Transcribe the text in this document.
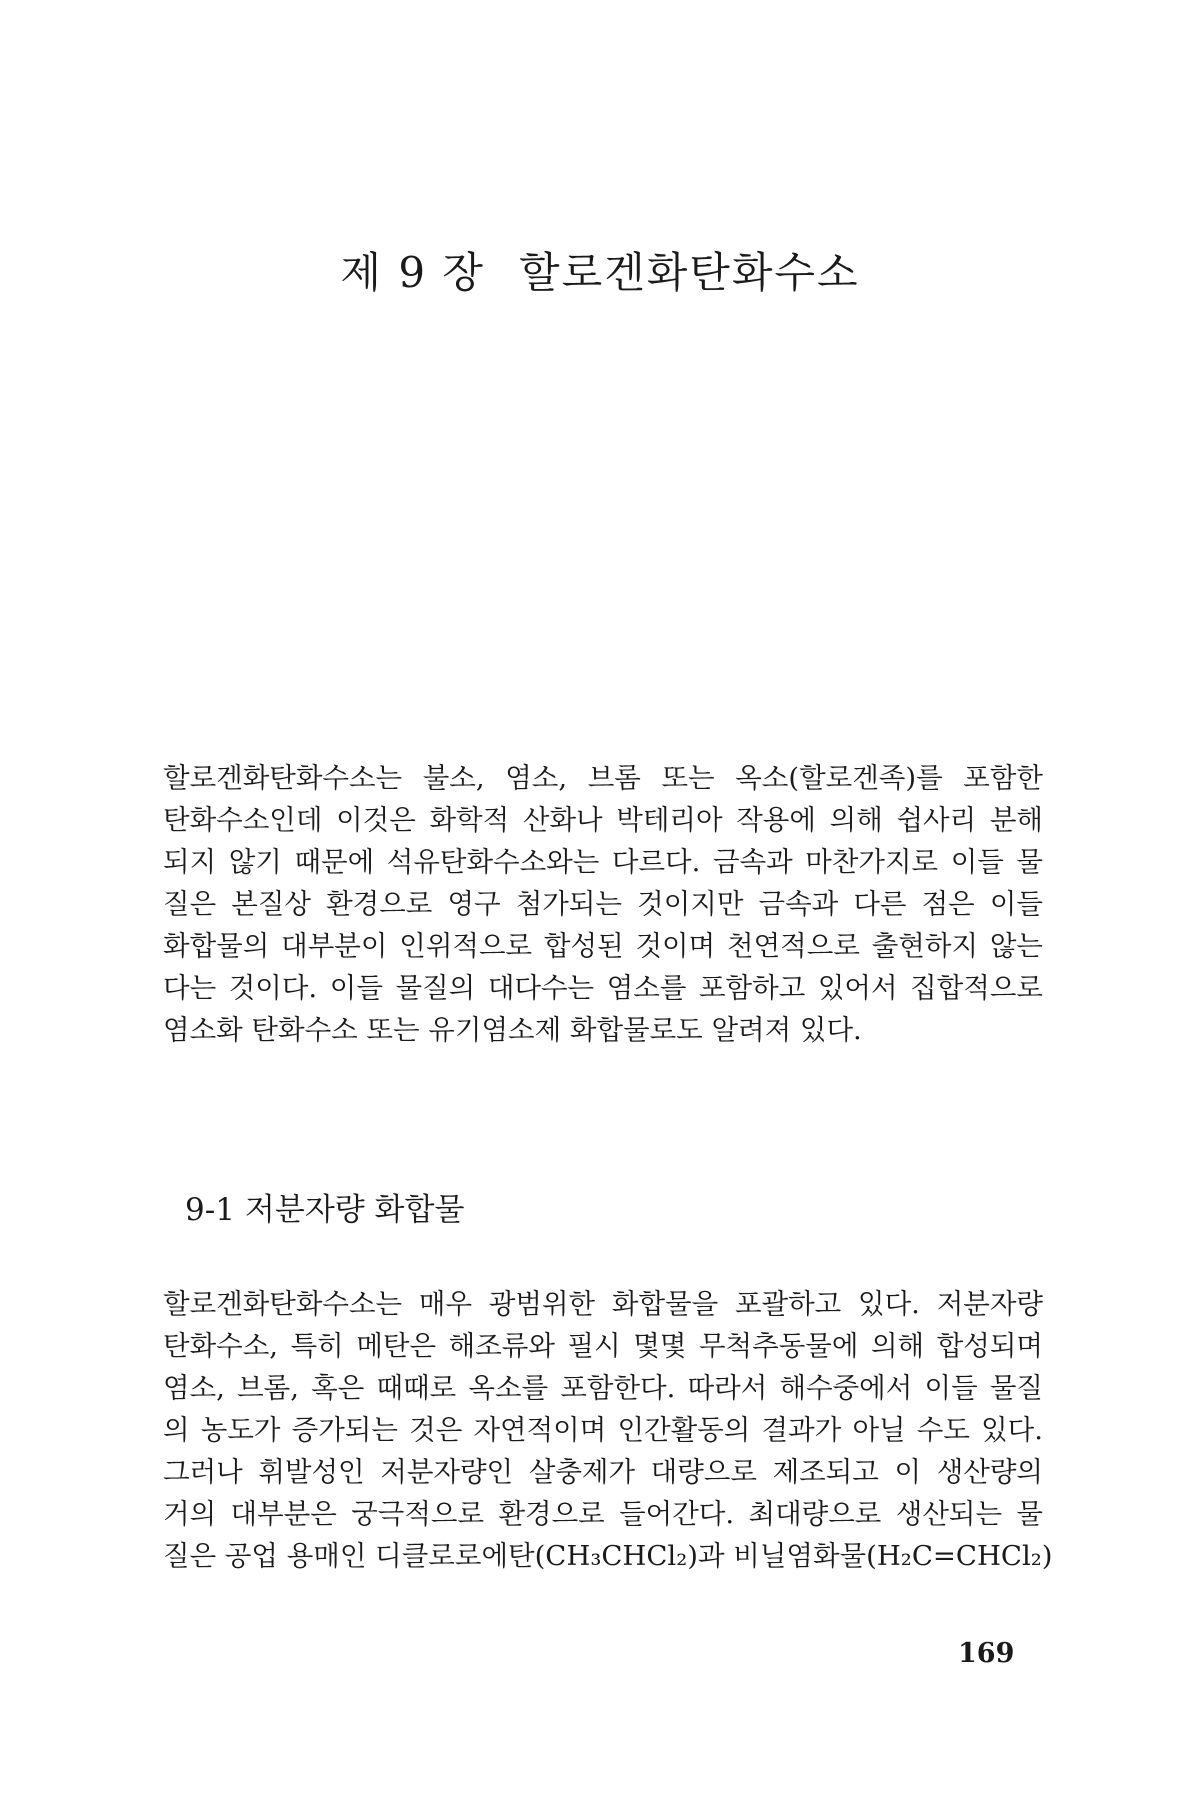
제 9 장 할로겐화탄화수소
할로겐화탄화수소는 불소, 염소, 브롬 또는 옥소(할로겐족)를 포함한
탄화수소인데 이것은 화학적 산화나 박테리아 작용에 의해 쉽사리 분해
되지 않기 때문에 석유탄화수소와는 다르다. 금속과 마찬가지로 이들 물
질은 본질상 환경으로 영구 첨가되는 것이지만 금속과 다른 점은 이들
화합물의 대부분이 인위적으로 합성된 것이며 천연적으로 출현하지 않는
다는 것이다. 이들 물질의 대다수는 염소를 포함하고 있어서 집합적으로
염소화 탄화수소 또는 유기염소제 화합물로도 알려져 있다.
9-1 저분자량 화합물
할로겐화탄화수소는 매우 광범위한 화합물을 포괄하고 있다. 저분자량
탄화수소, 특히 메탄은 해조류와 필시 몇몇 무척추동물에 의해 합성되며
염소, 브롬, 혹은 때때로 옥소를 포함한다. 따라서 해수중에서 이들 물질
의 농도가 증가되는 것은 자연적이며 인간활동의 결과가 아닐 수도 있다.
그러나 휘발성인 저분자량인 살충제가 대량으로 제조되고 이 생산량의
거의 대부분은 궁극적으로 환경으로 들어간다. 최대량으로 생산되는 물
질은 공업 용매인 디클로로에탄(CH₃CHCl₂)과 비닐염화물(H₂C=CHCl₂)

169
